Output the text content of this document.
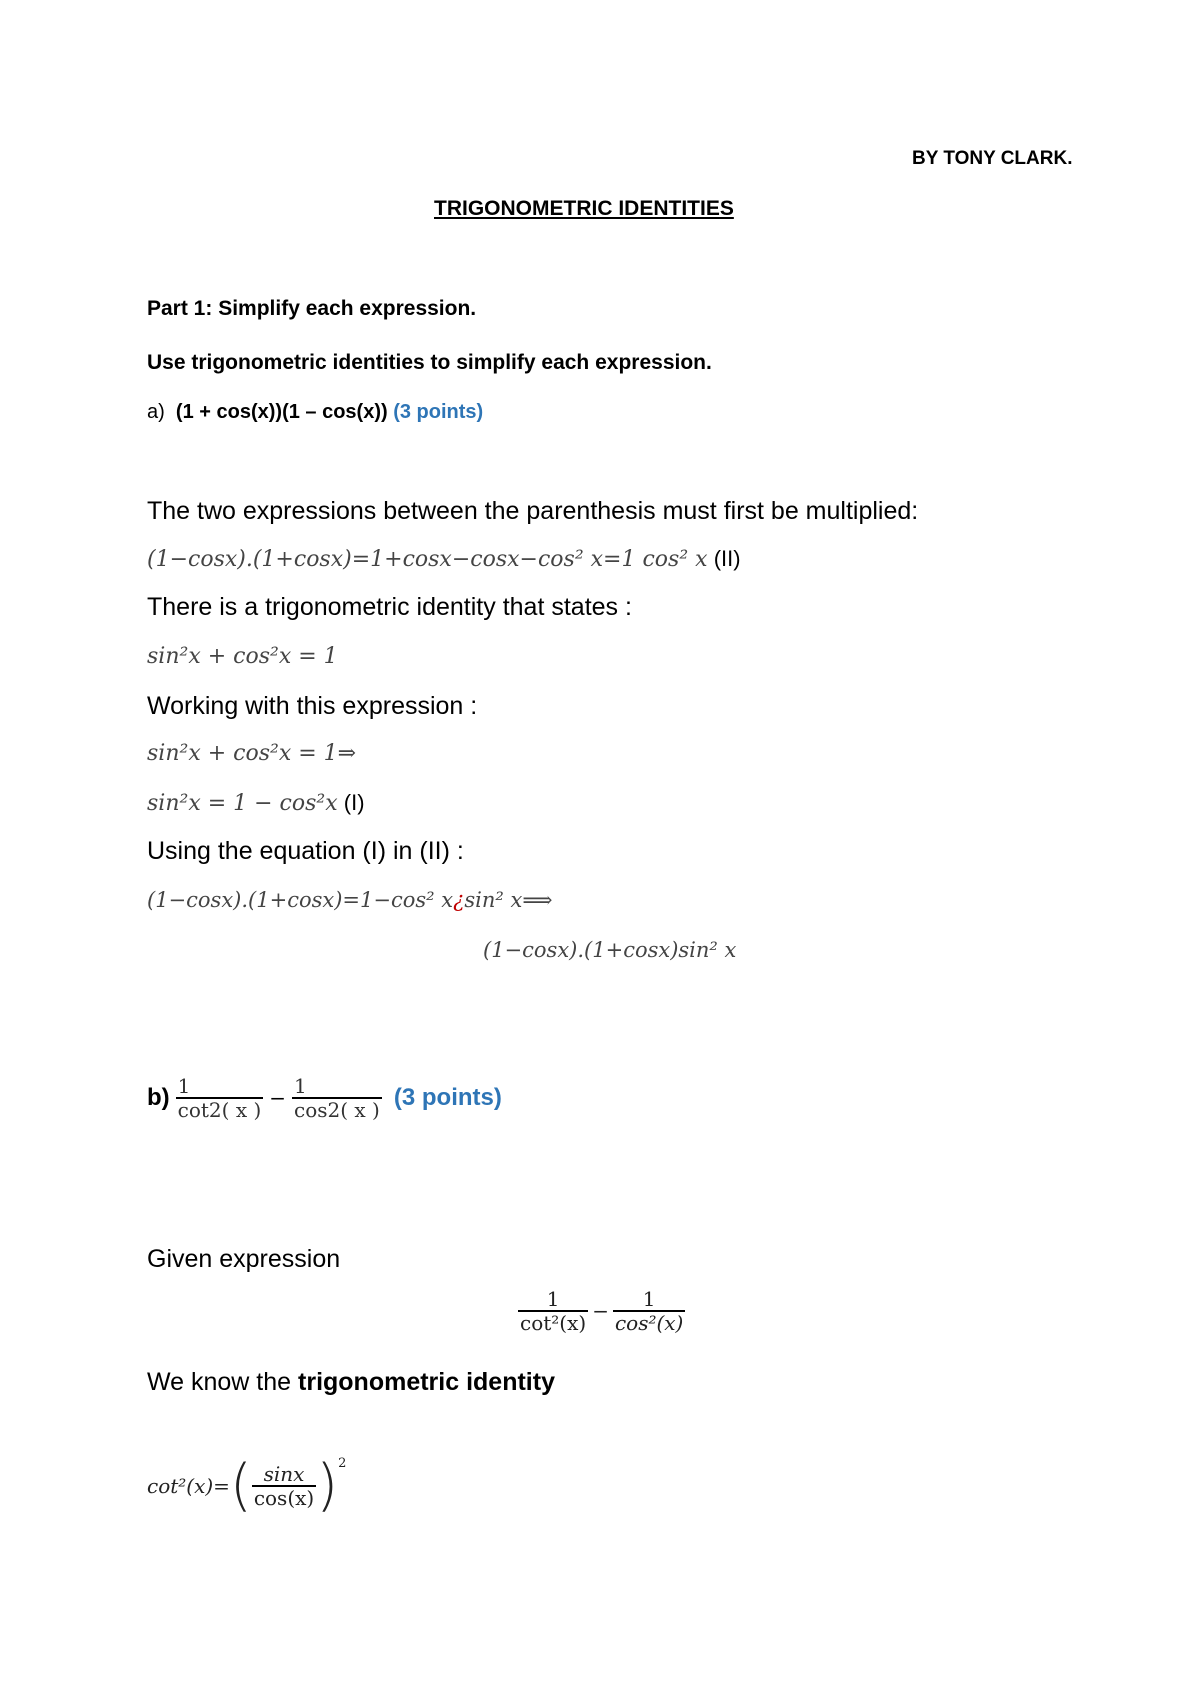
BY TONY CLARK.
TRIGONOMETRIC IDENTITIES
Part 1: Simplify each expression.
Use trigonometric identities to simplify each expression.
a) (1 + cos(x))(1 – cos(x)) (3 points)
The two expressions between the parenthesis must first be multiplied:
(1−cosx).(1+cosx)=1+cosx−cosx−cos² x=1 cos² x (II)
There is a trigonometric identity that states :
sin²x + cos²x = 1
Working with this expression :
sin²x + cos²x = 1⇒
sin²x = 1 − cos²x (I)
Using the equation (I) in (II) :
(1−cosx).(1+cosx)=1−cos² x¿sin² x⟹
(1−cosx).(1+cosx)sin² x
$b) \frac{1}{\cot 2( x )} - \frac{1}{\cos 2( x )} (3$ points)
Given expression
$\frac{1}{\text{cot²(x)}} - \frac{1}{\text{cos²(x)}}$
We know the trigonometric identity
cot²(x)= ( $\frac{\sin x}{\cos(x)}$ ) 2
